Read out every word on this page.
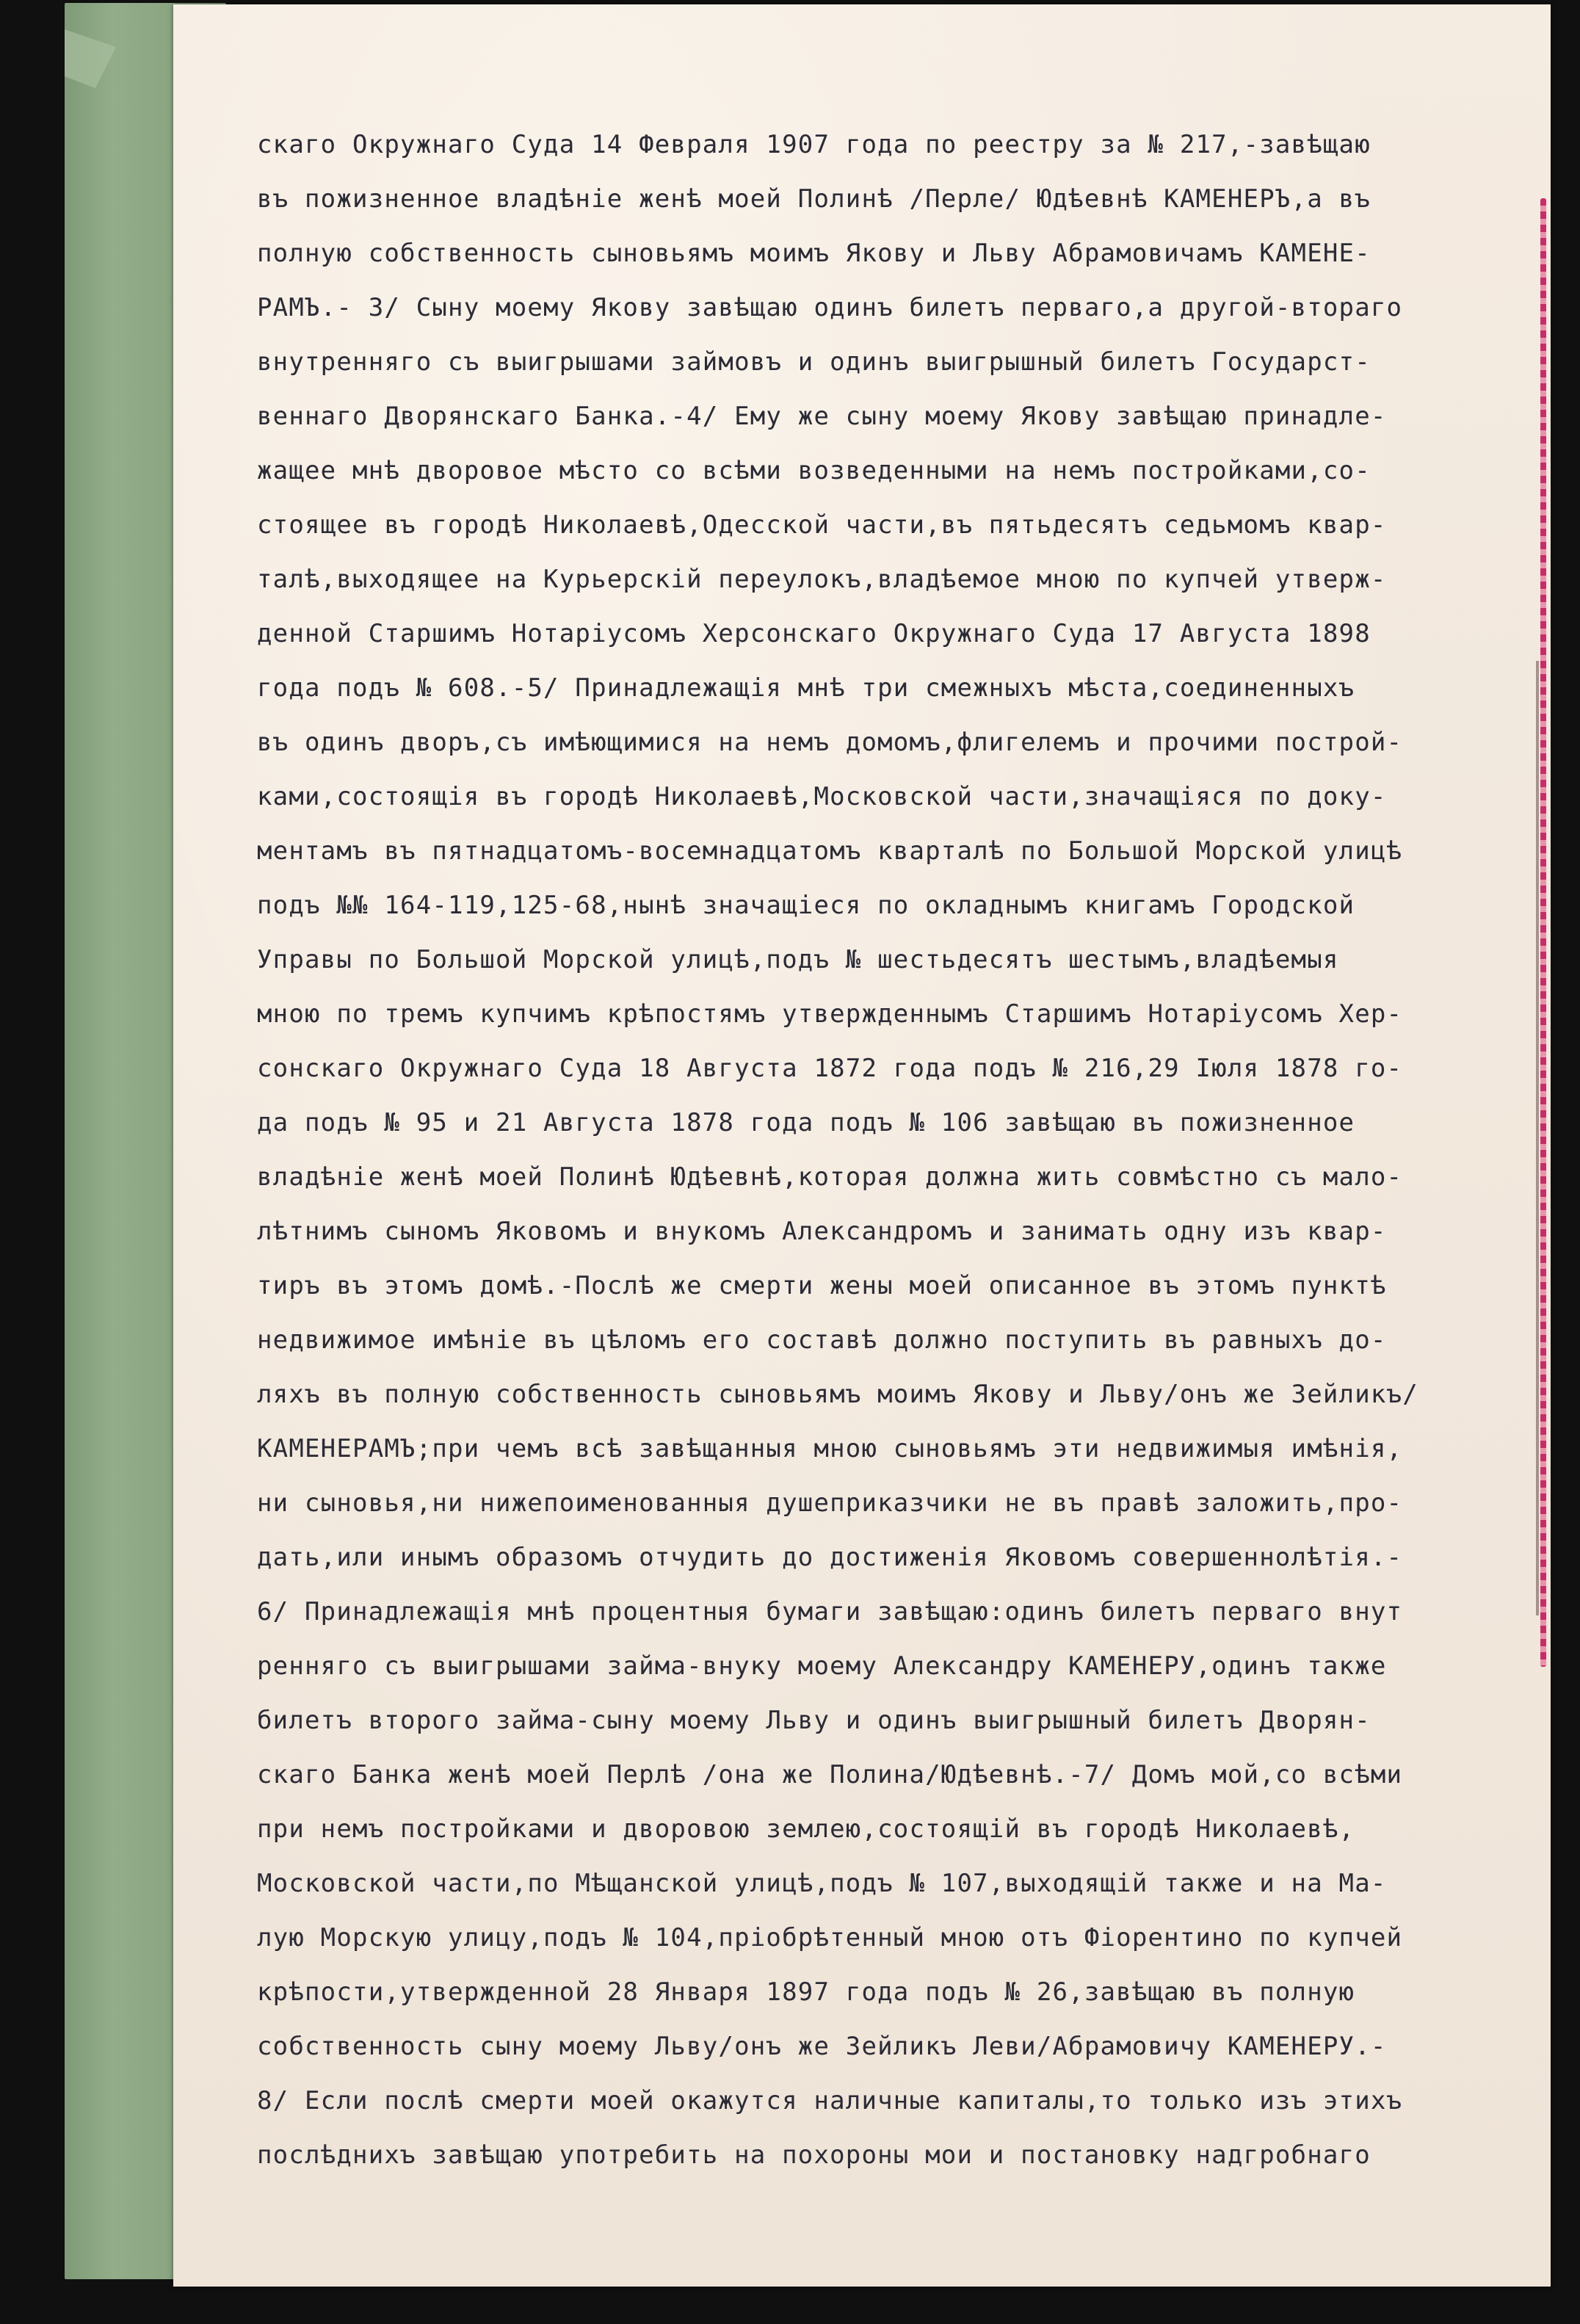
скаго Окружнаго Суда 14 Февраля 1907 года по реестру за № 217,-завѣщаю
въ пожизненное владѣніе женѣ моей Полинѣ /Перле/ Юдѣевнѣ КАМЕНЕРЪ,а въ
полную собственность сыновьямъ моимъ Якову и Льву Абрамовичамъ КАМЕНЕ-
РАМЪ.- 3/ Сыну моему Якову завѣщаю одинъ билетъ перваго,а другой-втораго
внутренняго съ выигрышами займовъ и одинъ выигрышный билетъ Государст-
веннаго Дворянскаго Банка.-4/ Ему же сыну моему Якову завѣщаю принадле-
жащее мнѣ дворовое мѣсто со всѣми возведенными на немъ постройками,со-
стоящее въ городѣ Николаевѣ,Одесской части,въ пятьдесятъ седьмомъ квар-
талѣ,выходящее на Курьерскій переулокъ,владѣемое мною по купчей утверж-
денной Старшимъ Нотаріусомъ Херсонскаго Окружнаго Суда 17 Августа 1898
года подъ № 608.-5/ Принадлежащія мнѣ три смежныхъ мѣста,соединенныхъ
въ одинъ дворъ,съ имѣющимися на немъ домомъ,флигелемъ и прочими построй-
ками,состоящія въ городѣ Николаевѣ,Московской части,значащіяся по доку-
ментамъ въ пятнадцатомъ-восемнадцатомъ кварталѣ по Большой Морской улицѣ
подъ №№ 164-119,125-68,нынѣ значащіеся по окладнымъ книгамъ Городской
Управы по Большой Морской улицѣ,подъ № шестьдесятъ шестымъ,владѣемыя
мною по тремъ купчимъ крѣпостямъ утвержденнымъ Старшимъ Нотаріусомъ Хер-
сонскаго Окружнаго Суда 18 Августа 1872 года подъ № 216,29 Іюля 1878 го-
да подъ № 95 и 21 Августа 1878 года подъ № 106 завѣщаю въ пожизненное
владѣніе женѣ моей Полинѣ Юдѣевнѣ,которая должна жить совмѣстно съ мало-
лѣтнимъ сыномъ Яковомъ и внукомъ Александромъ и занимать одну изъ квар-
тиръ въ этомъ домѣ.-Послѣ же смерти жены моей описанное въ этомъ пунктѣ
недвижимое имѣніе въ цѣломъ его составѣ должно поступить въ равныхъ до-
ляхъ въ полную собственность сыновьямъ моимъ Якову и Льву/онъ же Зейликъ/
КАМЕНЕРАМЪ;при чемъ всѣ завѣщанныя мною сыновьямъ эти недвижимыя имѣнія,
ни сыновья,ни нижепоименованныя душеприказчики не въ правѣ заложить,про-
дать,или инымъ образомъ отчудить до достиженія Яковомъ совершеннолѣтія.-
6/ Принадлежащія мнѣ процентныя бумаги завѣщаю:одинъ билетъ перваго внут
ренняго съ выигрышами займа-внуку моему Александру КАМЕНЕРУ,одинъ также
билетъ второго займа-сыну моему Льву и одинъ выигрышный билетъ Дворян-
скаго Банка женѣ моей Перлѣ /она же Полина/Юдѣевнѣ.-7/ Домъ мой,со всѣми
при немъ постройками и дворовою землею,состоящій въ городѣ Николаевѣ,
Московской части,по Мѣщанской улицѣ,подъ № 107,выходящій также и на Ма-
лую Морскую улицу,подъ № 104,пріобрѣтенный мною отъ Фіорентино по купчей
крѣпости,утвержденной 28 Января 1897 года подъ № 26,завѣщаю въ полную
собственность сыну моему Льву/онъ же Зейликъ Леви/Абрамовичу КАМЕНЕРУ.-
8/ Если послѣ смерти моей окажутся наличные капиталы,то только изъ этихъ
послѣднихъ завѣщаю употребить на похороны мои и постановку надгробнаго
